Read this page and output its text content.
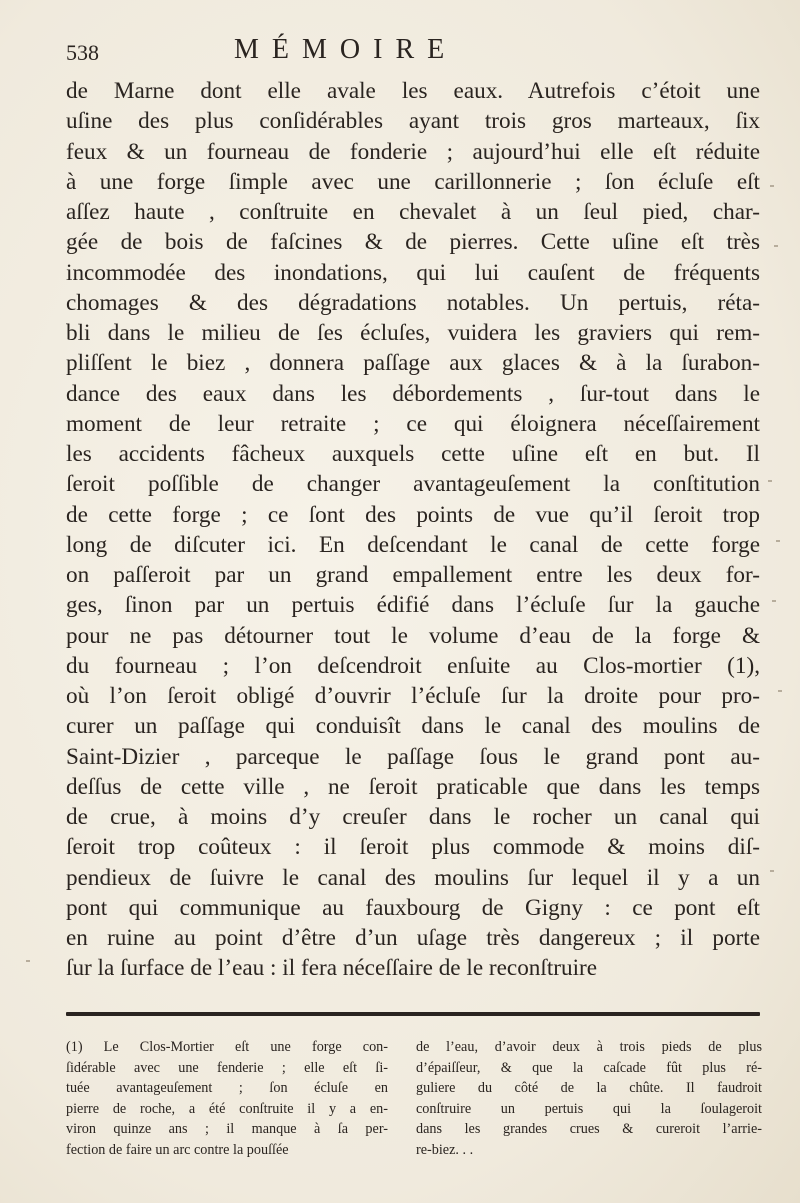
538	MÉMOIRE
de Marne dont elle avale les eaux. Autrefois c’étoit une
uſine des plus conſidérables ayant trois gros marteaux, ſix
feux & un fourneau de fonderie ; aujourd’hui elle eſt réduite
à une forge ſimple avec une carillonnerie ; ſon écluſe eſt
aſſez haute , conſtruite en chevalet à un ſeul pied, char-
gée de bois de faſcines & de pierres. Cette uſine eſt très
incommodée des inondations, qui lui cauſent de fréquents
chomages & des dégradations notables. Un pertuis, réta-
bli dans le milieu de ſes écluſes, vuidera les graviers qui rem-
pliſſent le biez , donnera paſſage aux glaces & à la ſurabon-
dance des eaux dans les débordements , ſur-tout dans le
moment de leur retraite ; ce qui éloignera néceſſairement
les accidents fâcheux auxquels cette uſine eſt en but. Il
ſeroit poſſible de changer avantageuſement la conſtitution
de cette forge ; ce ſont des points de vue qu’il ſeroit trop
long de diſcuter ici. En deſcendant le canal de cette forge
on paſſeroit par un grand empallement entre les deux for-
ges, ſinon par un pertuis édifié dans l’écluſe ſur la gauche
pour ne pas détourner tout le volume d’eau de la forge &
du fourneau ; l’on deſcendroit enſuite au Clos-mortier (1),
où l’on ſeroit obligé d’ouvrir l’écluſe ſur la droite pour pro-
curer un paſſage qui conduisît dans le canal des moulins de
Saint-Dizier , parceque le paſſage ſous le grand pont au-
deſſus de cette ville , ne ſeroit praticable que dans les temps
de crue, à moins d’y creuſer dans le rocher un canal qui
ſeroit trop coûteux : il ſeroit plus commode & moins diſ-
pendieux de ſuivre le canal des moulins ſur lequel il y a un
pont qui communique au fauxbourg de Gigny : ce pont eſt
en ruine au point d’être d’un uſage très dangereux ; il porte
ſur la ſurface de l’eau : il fera néceſſaire de le reconſtruire
(1) Le Clos-Mortier eſt une forge con-
ſidérable avec une fenderie ; elle eſt ſi-
tuée avantageuſement ; ſon écluſe en
pierre de roche, a été conſtruite il y a en-
viron quinze ans ; il manque à ſa per-
fection de faire un arc contre la pouſſée
de l’eau, d’avoir deux à trois pieds de plus
d’épaiſſeur, & que la caſcade fût plus ré-
guliere du côté de la chûte. Il faudroit
conſtruire un pertuis qui la ſoulageroit
dans les grandes crues & cureroit l’arrie-
re-biez. . .
